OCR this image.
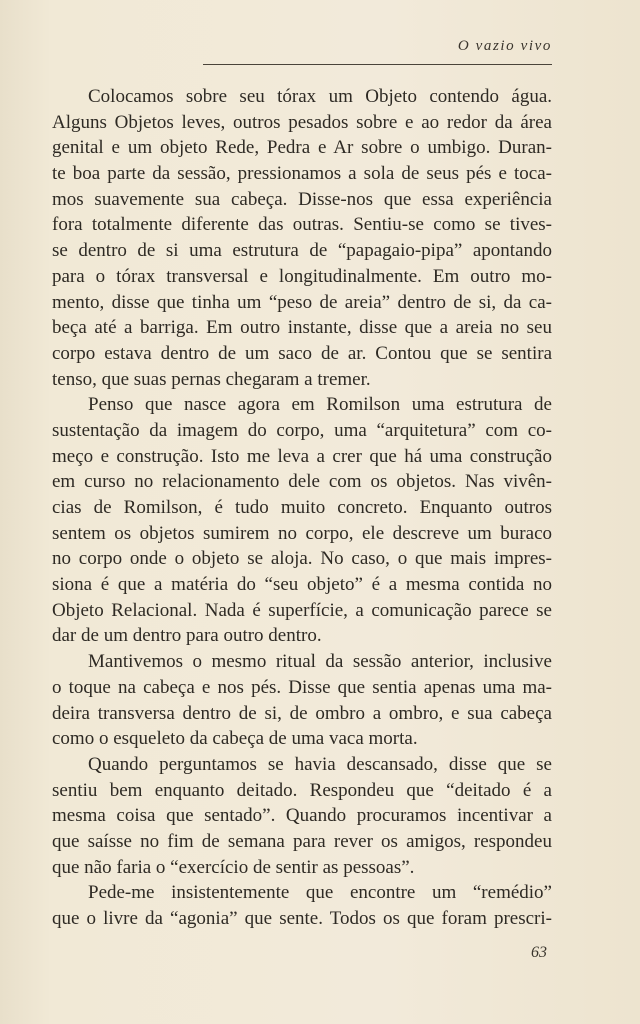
O vazio vivo
Colocamos sobre seu tórax um Objeto contendo água.
Alguns Objetos leves, outros pesados sobre e ao redor da área
genital e um objeto Rede, Pedra e Ar sobre o umbigo. Duran-
te boa parte da sessão, pressionamos a sola de seus pés e toca-
mos suavemente sua cabeça. Disse-nos que essa experiência
fora totalmente diferente das outras. Sentiu-se como se tives-
se dentro de si uma estrutura de “papagaio-pipa” apontando
para o tórax transversal e longitudinalmente. Em outro mo-
mento, disse que tinha um “peso de areia” dentro de si, da ca-
beça até a barriga. Em outro instante, disse que a areia no seu
corpo estava dentro de um saco de ar. Contou que se sentira
tenso, que suas pernas chegaram a tremer.
Penso que nasce agora em Romilson uma estrutura de
sustentação da imagem do corpo, uma “arquitetura” com co-
meço e construção. Isto me leva a crer que há uma construção
em curso no relacionamento dele com os objetos. Nas vivên-
cias de Romilson, é tudo muito concreto. Enquanto outros
sentem os objetos sumirem no corpo, ele descreve um buraco
no corpo onde o objeto se aloja. No caso, o que mais impres-
siona é que a matéria do “seu objeto” é a mesma contida no
Objeto Relacional. Nada é superfície, a comunicação parece se
dar de um dentro para outro dentro.
Mantivemos o mesmo ritual da sessão anterior, inclusive
o toque na cabeça e nos pés. Disse que sentia apenas uma ma-
deira transversa dentro de si, de ombro a ombro, e sua cabeça
como o esqueleto da cabeça de uma vaca morta.
Quando perguntamos se havia descansado, disse que se
sentiu bem enquanto deitado. Respondeu que “deitado é a
mesma coisa que sentado”. Quando procuramos incentivar a
que saísse no fim de semana para rever os amigos, respondeu
que não faria o “exercício de sentir as pessoas”.
Pede-me insistentemente que encontre um “remédio”
que o livre da “agonia” que sente. Todos os que foram prescri-
63
